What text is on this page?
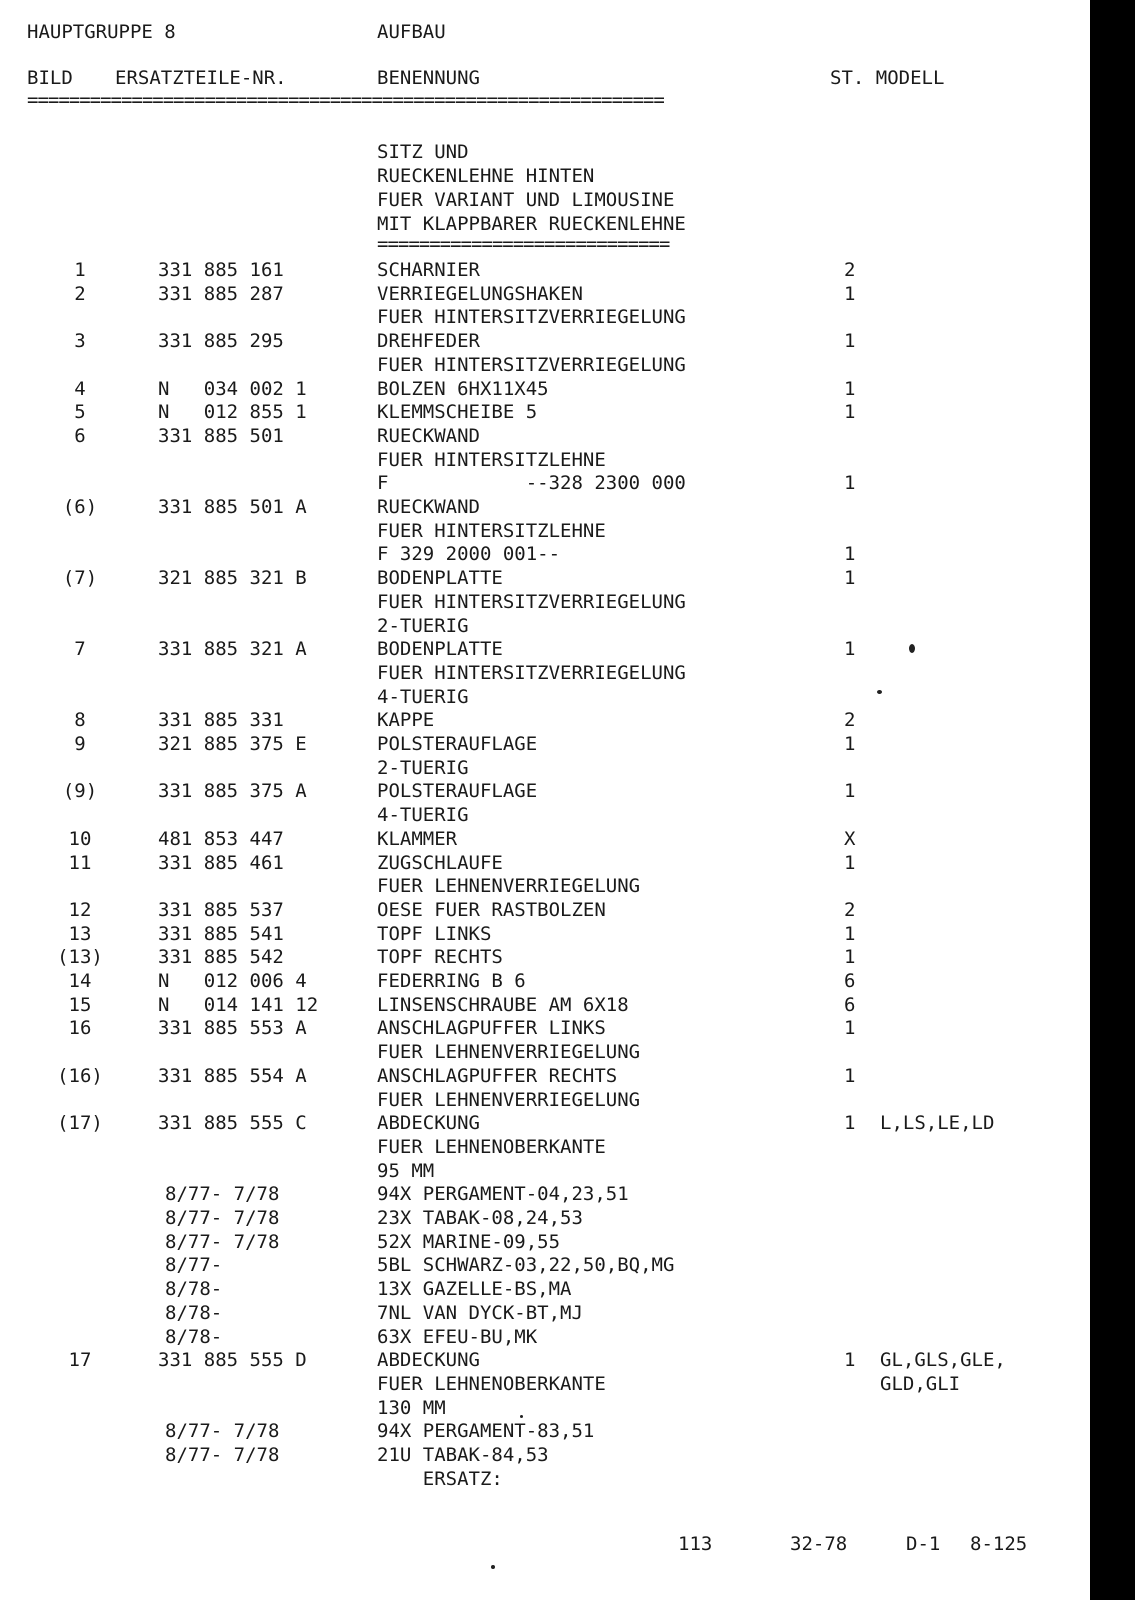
HAUPTGRUPPE 8	AUFBAU
BILD ERSATZTEILE-NR.	BENENNUNG	ST. MODELL
=============================================================
SITZ UND
RUECKENLEHNE HINTEN
FUER VARIANT UND LIMOUSINE
MIT KLAPPBARER RUECKENLEHNE
============================
1	331 885 161	SCHARNIER	2
2	331 885 287	VERRIEGELUNGSHAKEN	1
FUER HINTERSITZVERRIEGELUNG
3	331 885 295	DREHFEDER	1
FUER HINTERSITZVERRIEGELUNG
4	N   034 002 1	BOLZEN 6HX11X45	1
5	N   012 855 1	KLEMMSCHEIBE 5	1
6	331 885 501	RUECKWAND
FUER HINTERSITZLEHNE
F            --328 2300 000	1
(6)	331 885 501 A	RUECKWAND
FUER HINTERSITZLEHNE
F 329 2000 001--	1
(7)	321 885 321 B	BODENPLATTE	1
FUER HINTERSITZVERRIEGELUNG
2-TUERIG
7	331 885 321 A	BODENPLATTE	1
FUER HINTERSITZVERRIEGELUNG
4-TUERIG
8	331 885 331	KAPPE	2
9	321 885 375 E	POLSTERAUFLAGE	1
2-TUERIG
(9)	331 885 375 A	POLSTERAUFLAGE	1
4-TUERIG
10	481 853 447	KLAMMER	X
11	331 885 461	ZUGSCHLAUFE	1
FUER LEHNENVERRIEGELUNG
12	331 885 537	OESE FUER RASTBOLZEN	2
13	331 885 541	TOPF LINKS	1
(13)	331 885 542	TOPF RECHTS	1
14	N   012 006 4	FEDERRING B 6	6
15	N   014 141 12	LINSENSCHRAUBE AM 6X18	6
16	331 885 553 A	ANSCHLAGPUFFER LINKS	1
FUER LEHNENVERRIEGELUNG
(16)	331 885 554 A	ANSCHLAGPUFFER RECHTS	1
FUER LEHNENVERRIEGELUNG
(17)	331 885 555 C	ABDECKUNG	1 L,LS,LE,LD
FUER LEHNENOBERKANTE
95 MM
8/77- 7/78	94X PERGAMENT-04,23,51
8/77- 7/78	23X TABAK-08,24,53
8/77- 7/78	52X MARINE-09,55
8/77-	5BL SCHWARZ-03,22,50,BQ,MG
8/78-	13X GAZELLE-BS,MA
8/78-	7NL VAN DYCK-BT,MJ
8/78-	63X EFEU-BU,MK
17	331 885 555 D	ABDECKUNG	1 GL,GLS,GLE,
FUER LEHNENOBERKANTE	GLD,GLI
130 MM
8/77- 7/78	94X PERGAMENT-83,51
8/77- 7/78	21U TABAK-84,53
ERSATZ:
113	32-78	D-1 8-125
